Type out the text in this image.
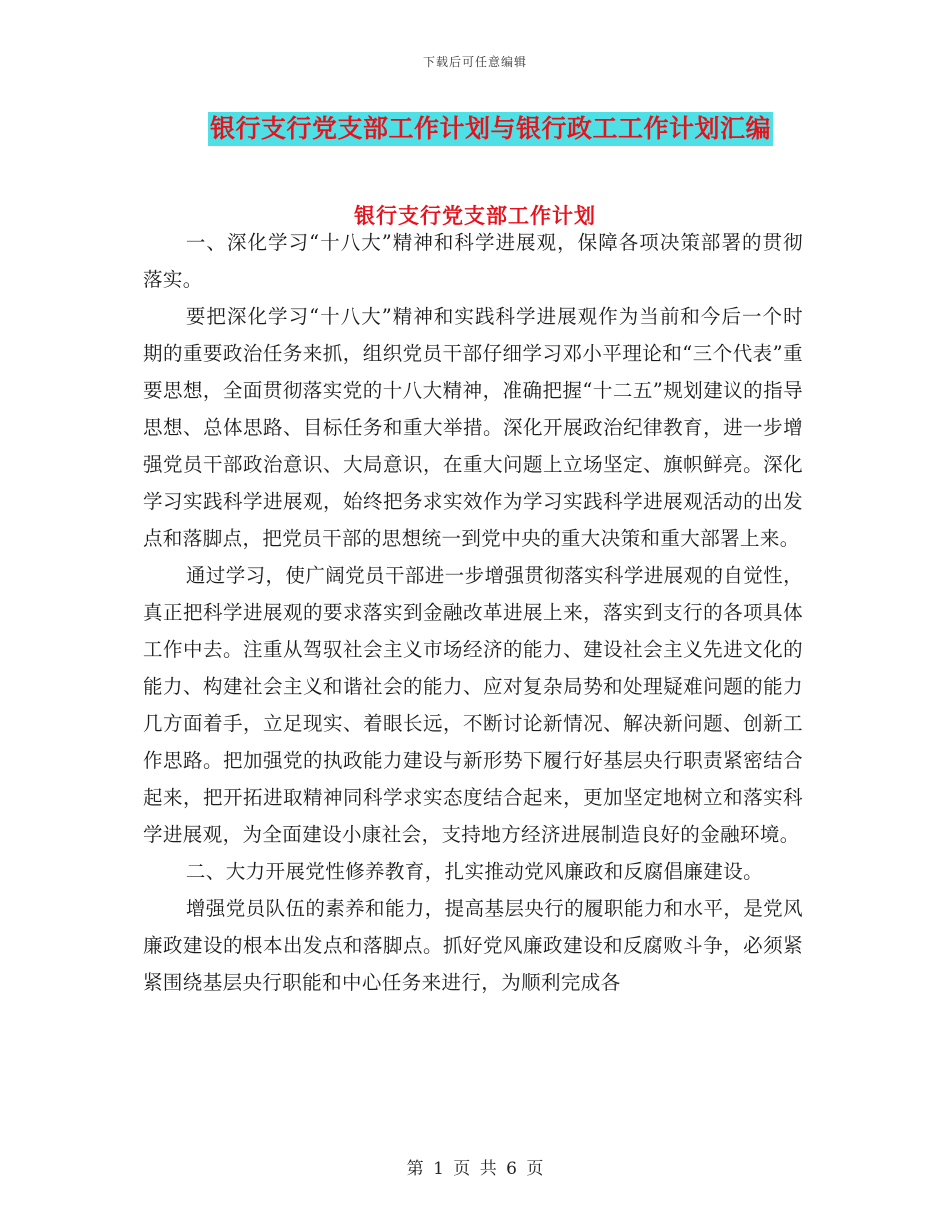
下载后可任意编辑
银行支行党支部工作计划与银行政工工作计划汇编
银行支行党支部工作计划

一、深化学习“十八大”精神和科学进展观，保障各项决策部署的贯彻落实。

要把深化学习“十八大”精神和实践科学进展观作为当前和今后一个时期的重要政治任务来抓，组织党员干部仔细学习邓小平理论和“三个代表”重要思想，全面贯彻落实党的十八大精神，准确把握“十二五”规划建议的指导思想、总体思路、目标任务和重大举措。深化开展政治纪律教育，进一步增强党员干部政治意识、大局意识，在重大问题上立场坚定、旗帜鲜亮。深化学习实践科学进展观，始终把务求实效作为学习实践科学进展观活动的出发点和落脚点，把党员干部的思想统一到党中央的重大决策和重大部署上来。

通过学习，使广阔党员干部进一步增强贯彻落实科学进展观的自觉性，真正把科学进展观的要求落实到金融改革进展上来，落实到支行的各项具体工作中去。注重从驾驭社会主义市场经济的能力、建设社会主义先进文化的能力、构建社会主义和谐社会的能力、应对复杂局势和处理疑难问题的能力几方面着手，立足现实、着眼长远，不断讨论新情况、解决新问题、创新工作思路。把加强党的执政能力建设与新形势下履行好基层央行职责紧密结合起来，把开拓进取精神同科学求实态度结合起来，更加坚定地树立和落实科学进展观，为全面建设小康社会，支持地方经济进展制造良好的金融环境。

二、大力开展党性修养教育，扎实推动党风廉政和反腐倡廉建设。

增强党员队伍的素养和能力，提高基层央行的履职能力和水平，是党风廉政建设的根本出发点和落脚点。抓好党风廉政建设和反腐败斗争，必须紧紧围绕基层央行职能和中心任务来进行，为顺利完成各

第 1 页 共 6 页
